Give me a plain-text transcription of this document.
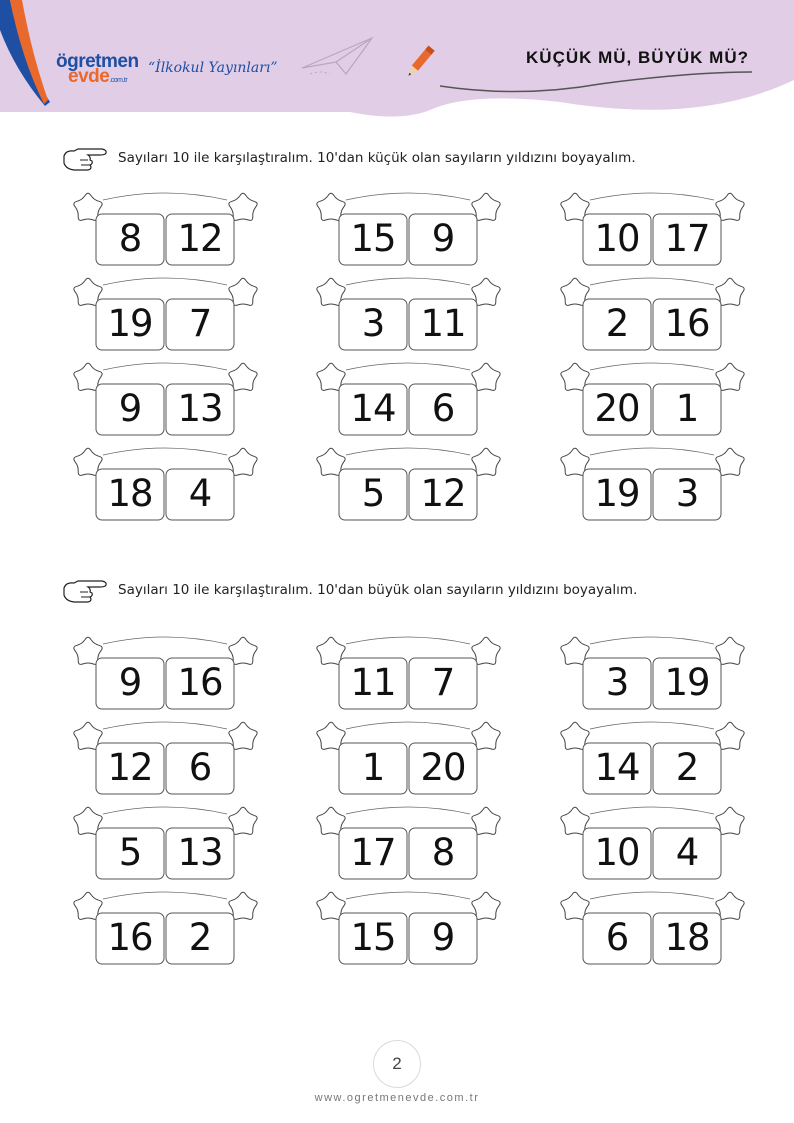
ögretmen
evde.com.tr
“İlkokul Yayınları”
KÜÇÜK MÜ, BÜYÜK MÜ?
Sayıları 10 ile karşılaştıralım. 10'dan küçük olan sayıların yıldızını boyayalım.
8 12	15 9	10 17
19 7	3 11	2 16
9 13	14 6	20 1
18 4	5 12	19 3
Sayıları 10 ile karşılaştıralım. 10'dan büyük olan sayıların yıldızını boyayalım.
9 16	11 7	3 19
12 6	1 20	14 2
5 13	17 8	10 4
16 2	15 9	6 18
2
www.ogretmenevde.com.tr
